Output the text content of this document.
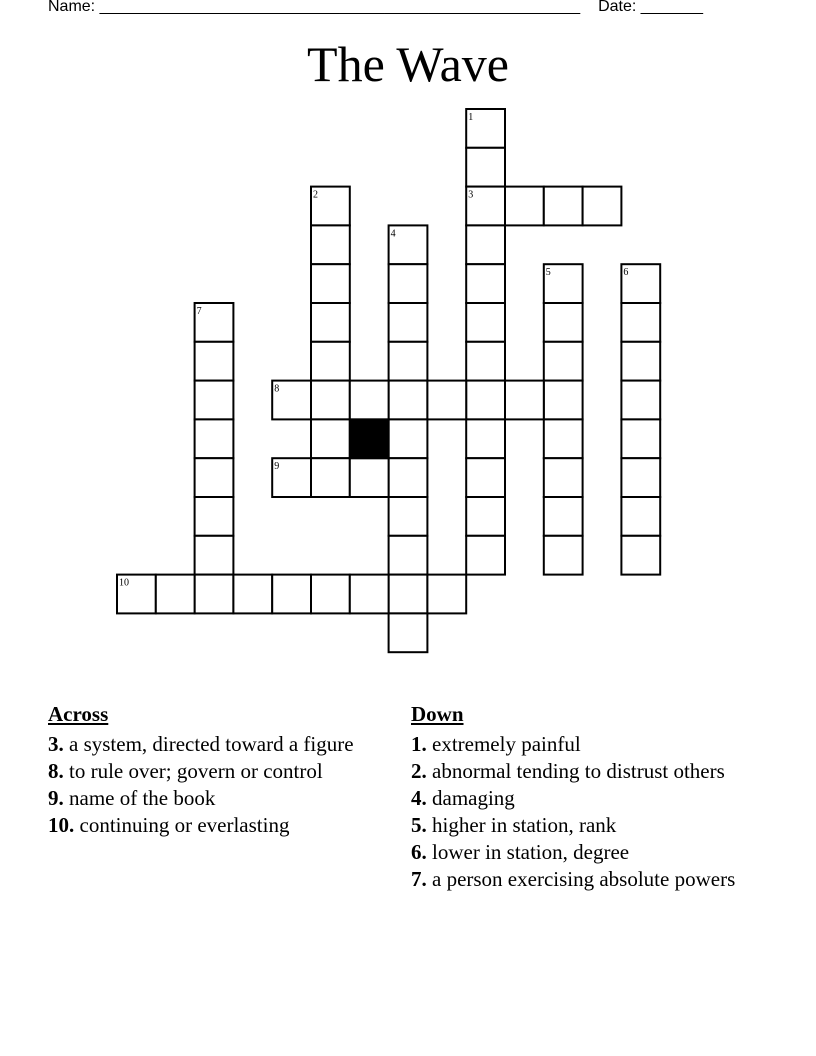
Name: ______________________________________________________ Date: _______
The Wave
1
2	3
4
5	6
7
8
9
10
Across
3. a system, directed toward a figure
8. to rule over; govern or control
9. name of the book
10. continuing or everlasting
Down
1. extremely painful
2. abnormal tending to distrust others
4. damaging
5. higher in station, rank
6. lower in station, degree
7. a person exercising absolute powers
